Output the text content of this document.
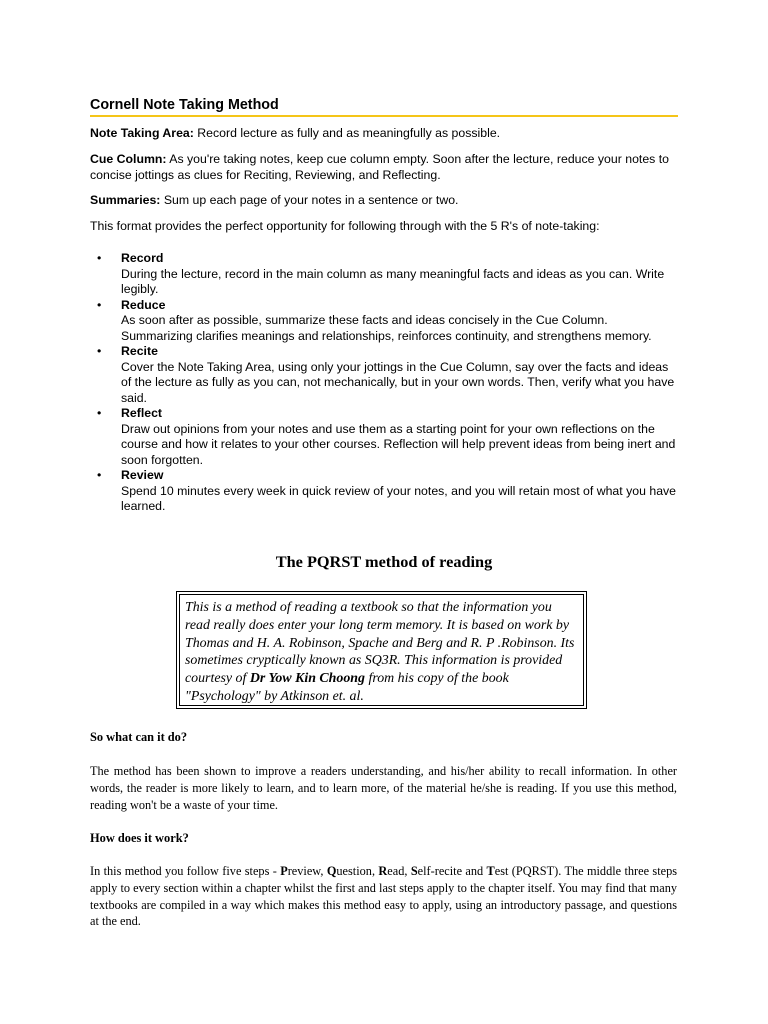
Cornell Note Taking Method

Note Taking Area: Record lecture as fully and as meaningfully as possible.

Cue Column: As you're taking notes, keep cue column empty. Soon after the lecture, reduce your notes to concise jottings as clues for Reciting, Reviewing, and Reflecting.

Summaries: Sum up each page of your notes in a sentence or two.

This format provides the perfect opportunity for following through with the 5 R's of note-taking:

• Record
During the lecture, record in the main column as many meaningful facts and ideas as you can. Write legibly.
• Reduce
As soon after as possible, summarize these facts and ideas concisely in the Cue Column. Summarizing clarifies meanings and relationships, reinforces continuity, and strengthens memory.
• Recite
Cover the Note Taking Area, using only your jottings in the Cue Column, say over the facts and ideas of the lecture as fully as you can, not mechanically, but in your own words. Then, verify what you have said.
• Reflect
Draw out opinions from your notes and use them as a starting point for your own reflections on the course and how it relates to your other courses. Reflection will help prevent ideas from being inert and soon forgotten.
• Review
Spend 10 minutes every week in quick review of your notes, and you will retain most of what you have learned.
The PQRST method of reading
This is a method of reading a textbook so that the information you read really does enter your long term memory. It is based on work by Thomas and H. A. Robinson, Spache and Berg and R. P .Robinson. Its sometimes cryptically known as SQ3R. This information is provided courtesy of Dr Yow Kin Choong from his copy of the book "Psychology" by Atkinson et. al.
So what can it do?

The method has been shown to improve a readers understanding, and his/her ability to recall information. In other words, the reader is more likely to learn, and to learn more, of the material he/she is reading. If you use this method, reading won't be a waste of your time.

How does it work?

In this method you follow five steps - Preview, Question, Read, Self-recite and Test (PQRST). The middle three steps apply to every section within a chapter whilst the first and last steps apply to the chapter itself. You may find that many textbooks are compiled in a way which makes this method easy to apply, using an introductory passage, and questions at the end.
